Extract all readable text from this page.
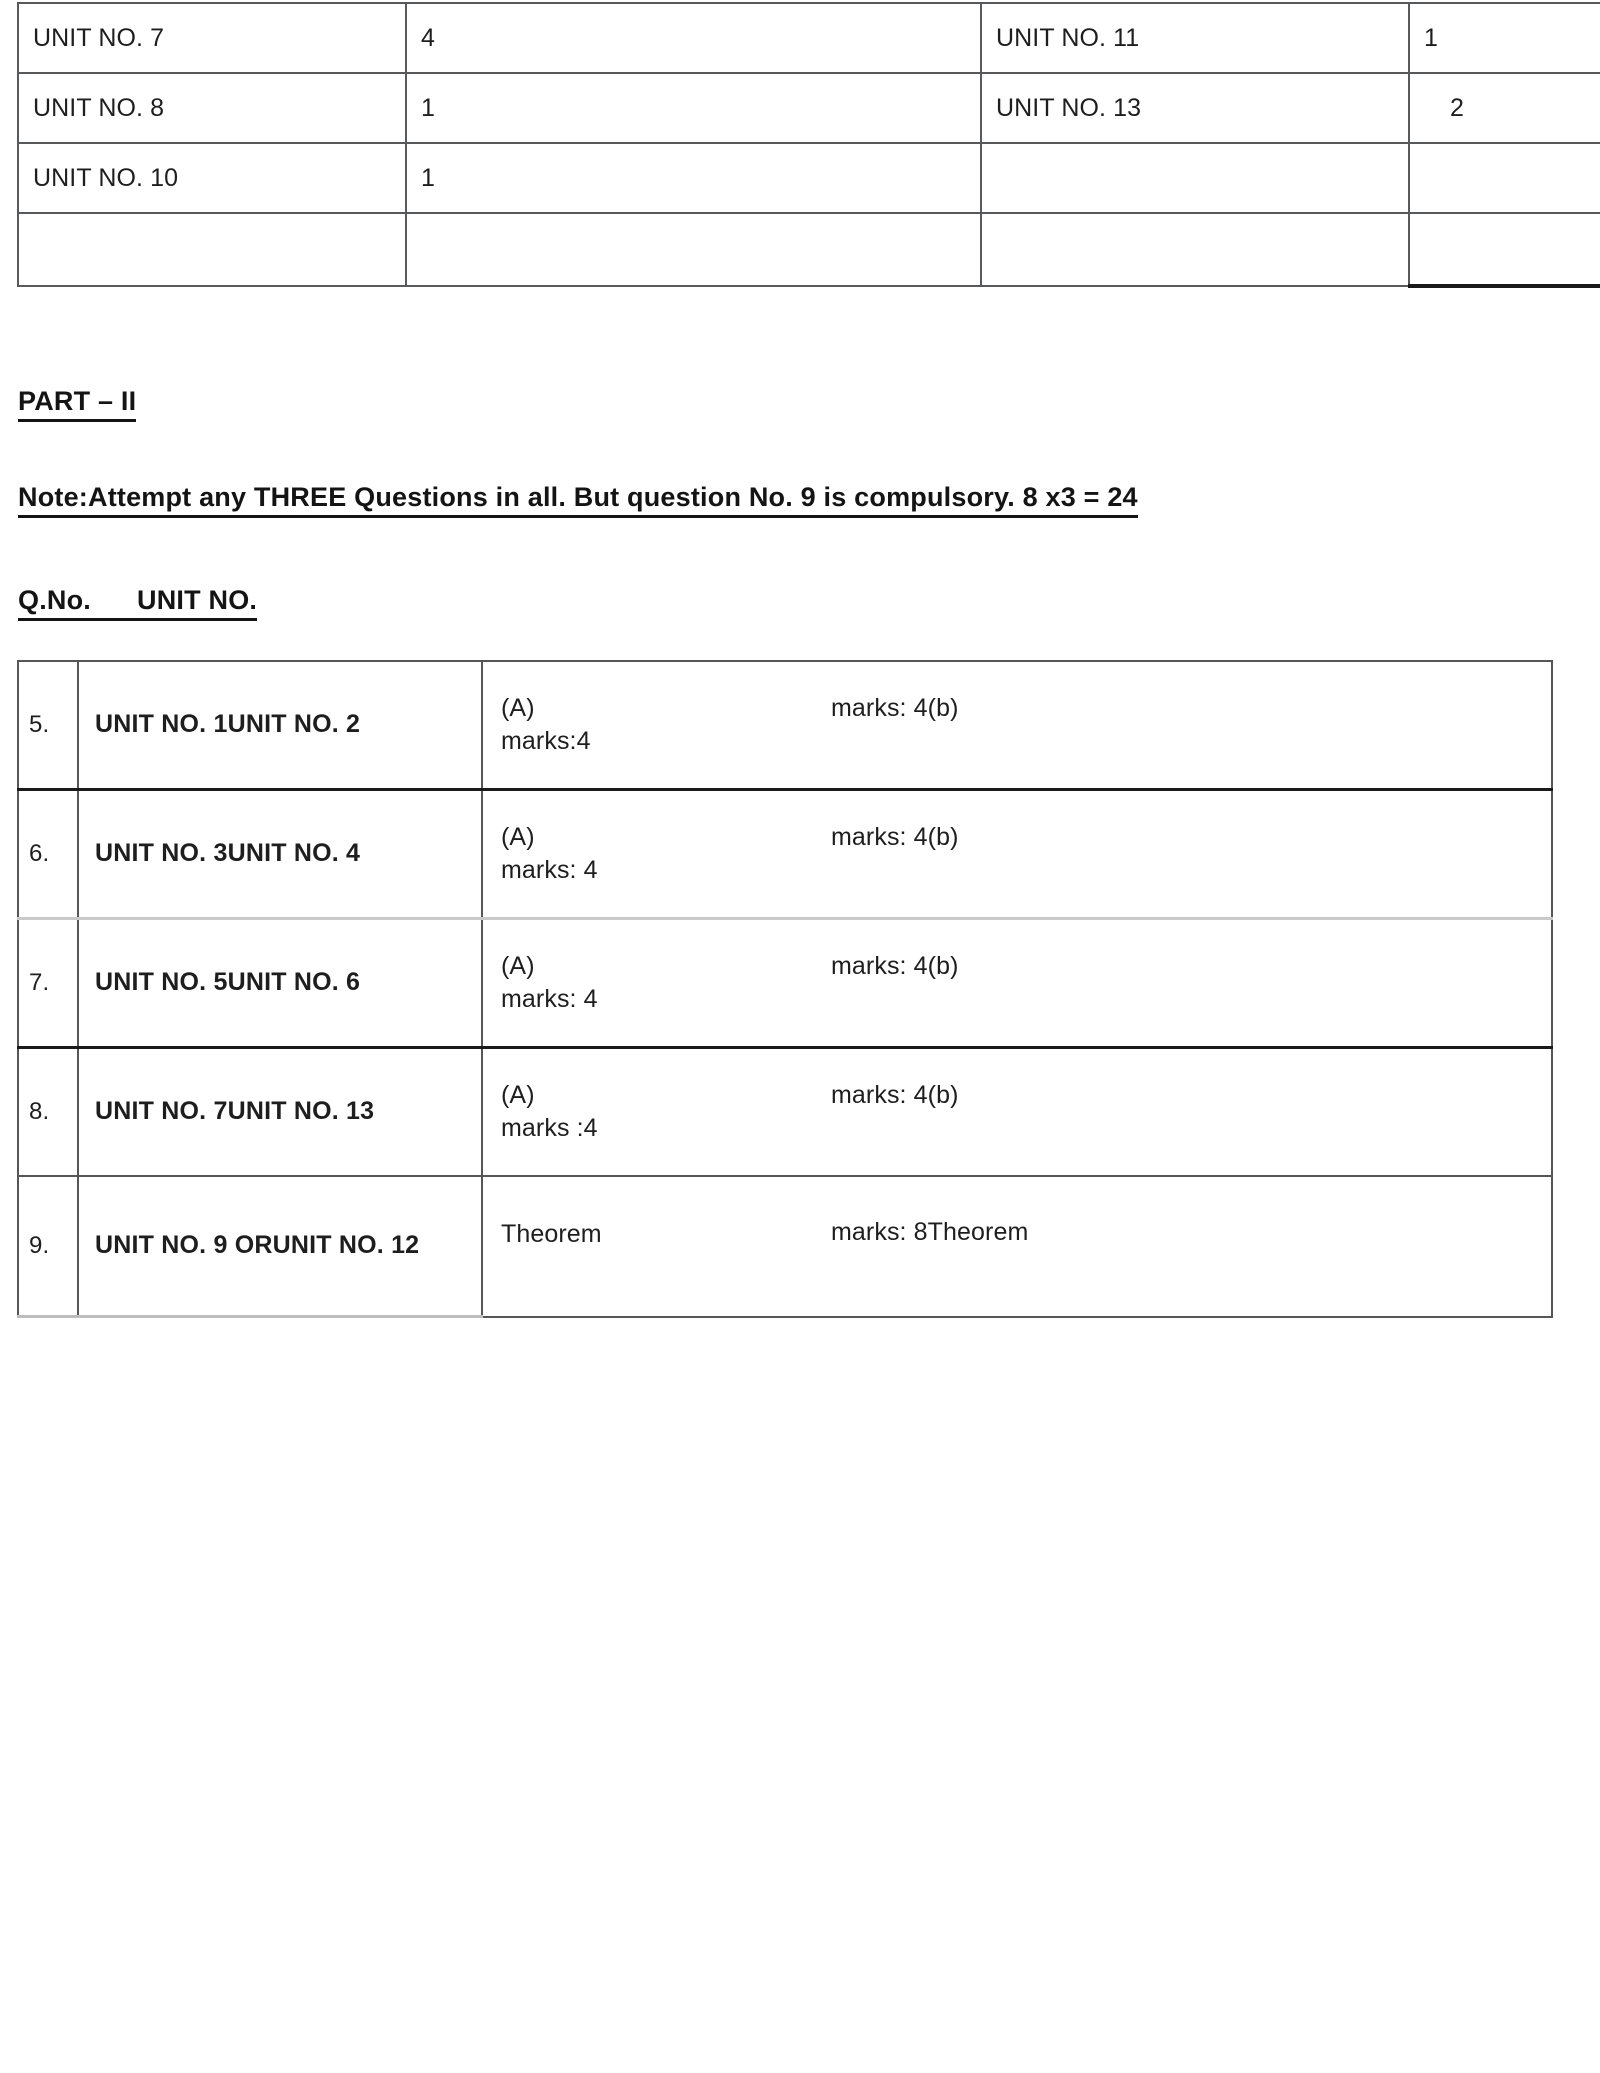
UNIT NO. 7	4	UNIT NO. 11	1
UNIT NO. 8	1	UNIT NO. 13	2
UNIT NO. 10	1		

PART – II
Note:Attempt any THREE Questions in all. But question No. 9 is compulsory. 8 x3 = 24
Q.No. UNIT NO.
5.	UNIT NO. 1UNIT NO. 2	(A)
marks:4
marks: 4(b)

6.	UNIT NO. 3UNIT NO. 4	(A)
marks: 4
marks: 4(b)

7.	UNIT NO. 5UNIT NO. 6	(A)
marks: 4
marks: 4(b)

8.	UNIT NO. 7UNIT NO. 13	(A)
marks :4
marks: 4(b)

9.	UNIT NO. 9 ORUNIT NO. 12	Theorem marks: 8Theorem
